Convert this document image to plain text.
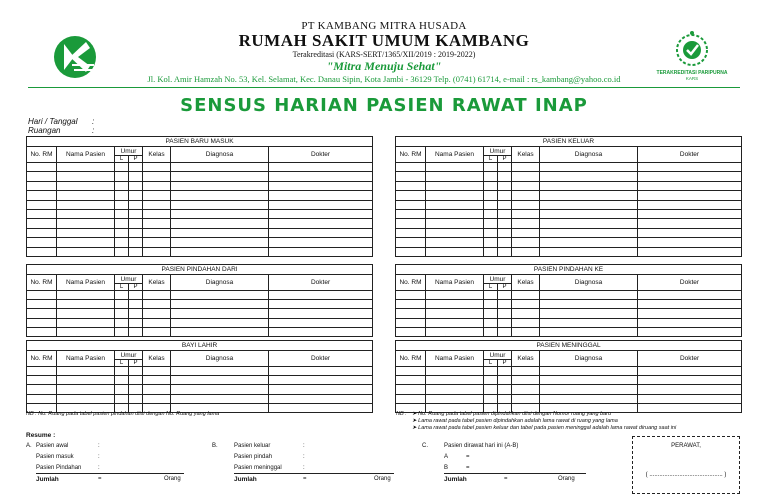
TERAKREDITASI PARIPURNA
KARS
PT KAMBANG MITRA HUSADA
RUMAH SAKIT UMUM KAMBANG
Terakreditasi (KARS-SERT/1365/XII/2019 : 2019-2022)
"Mitra Menuju Sehat"
Jl. Kol. Amir Hamzah No. 53, Kel. Selamat, Kec. Danau Sipin, Kota Jambi - 36129 Telp. (0741) 61714, e-mail : rs_kambang@yahoo.co.id
SENSUS HARIAN PASIEN RAWAT INAP
Hari / Tanggal :
Ruangan	:
PASIEN BARU MASUK						
No. RM	Nama Pasien	Umur		Kelas	Diagnosa	Dokter
		L	P			

PASIEN KELUAR						
No. RM	Nama Pasien	Umur		Kelas	Diagnosa	Dokter
		L	P			

PASIEN PINDAHAN DARI						
No. RM	Nama Pasien	Umur		Kelas	Diagnosa	Dokter
		L	P			

PASIEN PINDAHAN KE						
No. RM	Nama Pasien	Umur		Kelas	Diagnosa	Dokter
		L	P			

BAYI LAHIR						
No. RM	Nama Pasien	Umur		Kelas	Diagnosa	Dokter
		L	P			

PASIEN MENINGGAL						
No. RM	Nama Pasien	Umur		Kelas	Diagnosa	Dokter
		L	P			

NB : No. Ruang pada tabel pasien pindahan diisi dengan No. Ruang yang lama	NB : ➤ No. Ruang pada tabel pasien dipindahkan diisi dengan Nomor ruang yang baru
➤ Lama rawat pada tabel pasien dipindahkan adalah lama rawat di ruang yang lama
➤ Lama rawat pada tabel pasien keluar dan tabel pada pasien meninggal adalah lama rawat diruang saat ini
Resume :
A. Pasien awal	:
Pasien masuk	:
Pasien Pindahan	:
Jumlah	=	Orang
B.	Pasien keluar	:
Pasien pindah	:
Pasien meninggal	:
Jumlah	=	Orang
C.	Pasien dirawat hari ini (A-B)
A	=
B	=
Jumlah	=	Orang
PERAWAT,
( ............................................ )
